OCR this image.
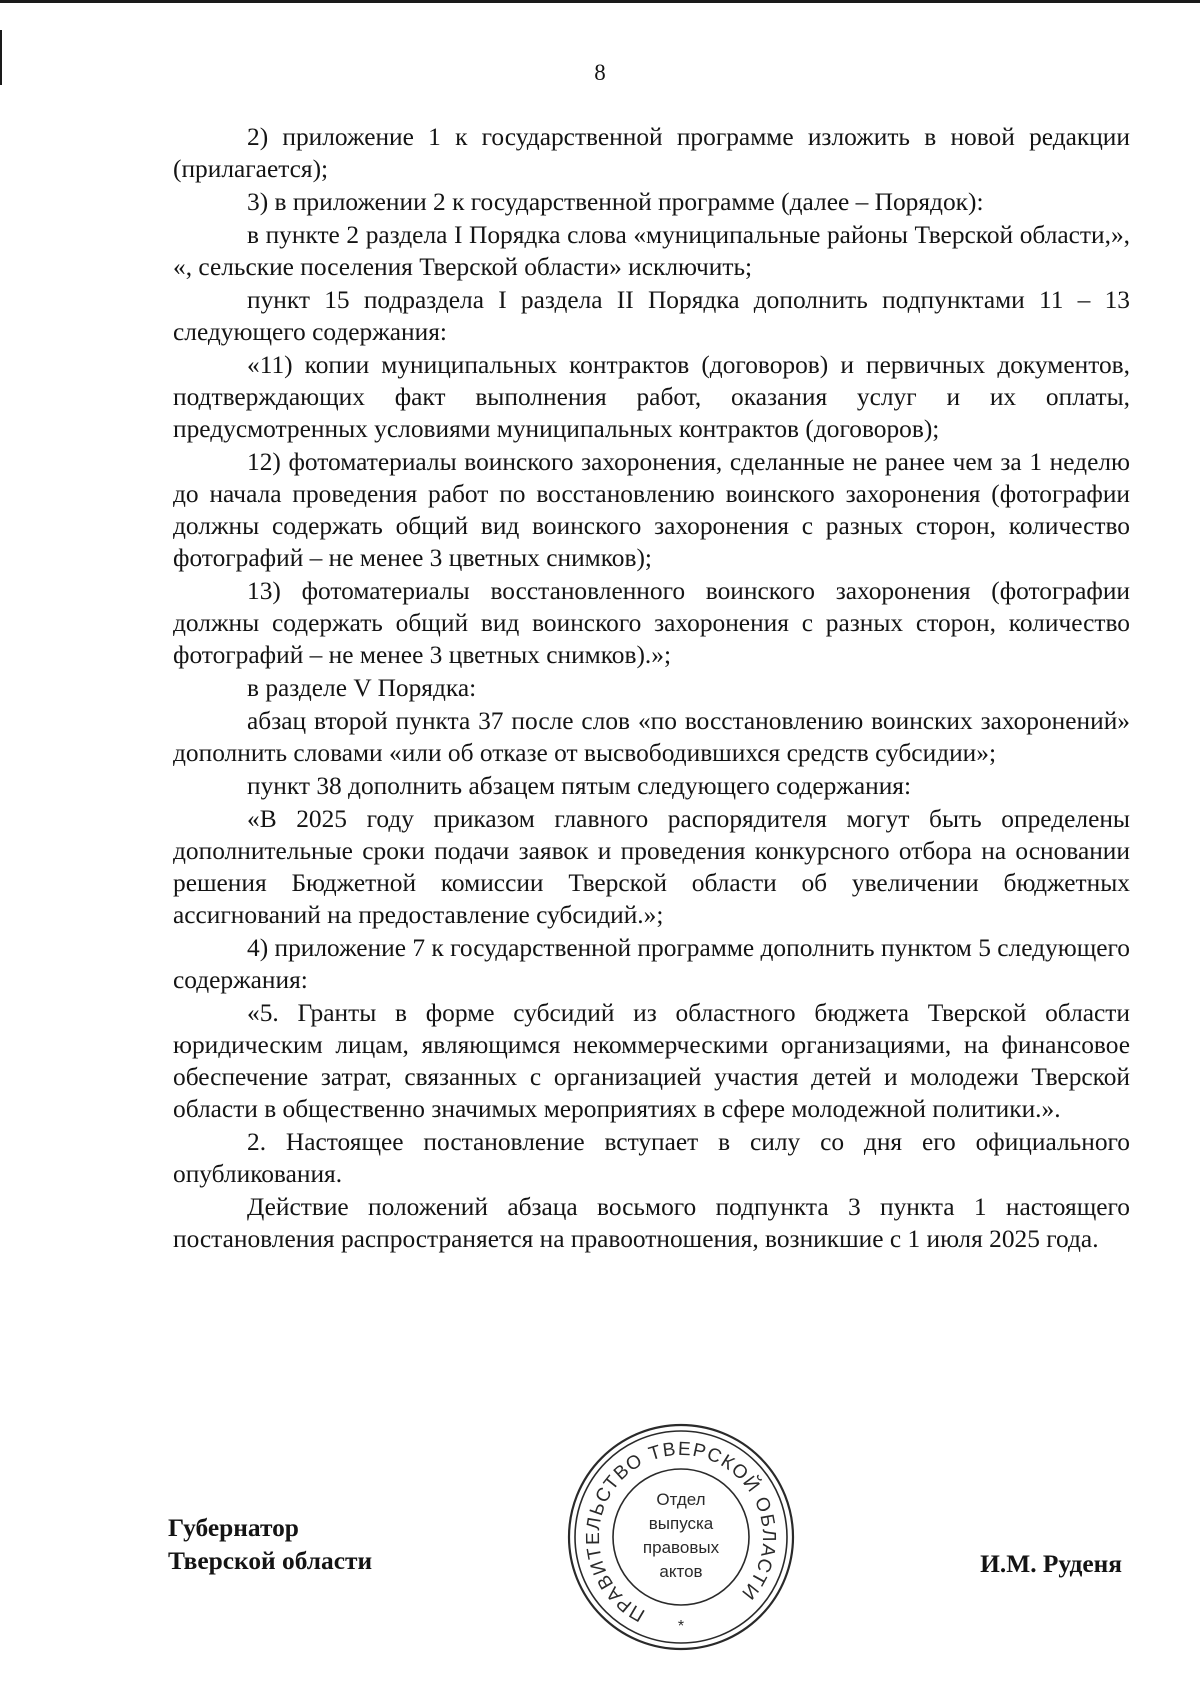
8

2) приложение 1 к государственной программе изложить в новой редакции (прилагается);

3) в приложении 2 к государственной программе (далее – Порядок):

в пункте 2 раздела I Порядка слова «муниципальные районы Тверской области,», «, сельские поселения Тверской области» исключить;

пункт 15 подраздела I раздела II Порядка дополнить подпунктами 11 – 13 следующего содержания:

«11) копии муниципальных контрактов (договоров) и первичных документов, подтверждающих факт выполнения работ, оказания услуг и их оплаты, предусмотренных условиями муниципальных контрактов (договоров);

12) фотоматериалы воинского захоронения, сделанные не ранее чем за 1 неделю до начала проведения работ по восстановлению воинского захоронения (фотографии должны содержать общий вид воинского захоронения с разных сторон, количество фотографий – не менее 3 цветных снимков);

13) фотоматериалы восстановленного воинского захоронения (фотографии должны содержать общий вид воинского захоронения с разных сторон, количество фотографий – не менее 3 цветных снимков).»;

в разделе V Порядка:

абзац второй пункта 37 после слов «по восстановлению воинских захоронений» дополнить словами «или об отказе от высвободившихся средств субсидии»;

пункт 38 дополнить абзацем пятым следующего содержания:

«В 2025 году приказом главного распорядителя могут быть определены дополнительные сроки подачи заявок и проведения конкурсного отбора на основании решения Бюджетной комиссии Тверской области об увеличении бюджетных ассигнований на предоставление субсидий.»;

4) приложение 7 к государственной программе дополнить пунктом 5 следующего содержания:

«5. Гранты в форме субсидий из областного бюджета Тверской области юридическим лицам, являющимся некоммерческими организациями, на финансовое обеспечение затрат, связанных с организацией участия детей и молодежи Тверской области в общественно значимых мероприятиях в сфере молодежной политики.».

2. Настоящее постановление вступает в силу со дня его официального опубликования.

Действие положений абзаца восьмого подпункта 3 пункта 1 настоящего постановления распространяется на правоотношения, возникшие с 1 июля 2025 года.

Губернатор
Тверской области	И.М. Руденя
ПРАВИТЕЛЬСТВО ТВЕРСКОЙ ОБЛАСТИ
*
Отдел
выпуска
правовых
актов
